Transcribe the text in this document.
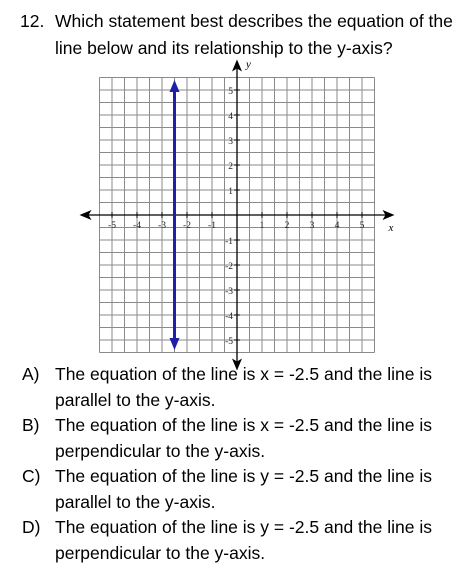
12. Which statement best describes the equation of the line below and its relationship to the y-axis?
x
y
-5 -4 -3 -2 -1	1 2 3 4 5
5
4
3
2
1
-1
-2
-3
-4
-5
A) The equation of the line is x = -2.5 and the line is parallel to the y-axis.
B) The equation of the line is x = -2.5 and the line is perpendicular to the y-axis.
C) The equation of the line is y = -2.5 and the line is parallel to the y-axis.
D) The equation of the line is y = -2.5 and the line is perpendicular to the y-axis.
